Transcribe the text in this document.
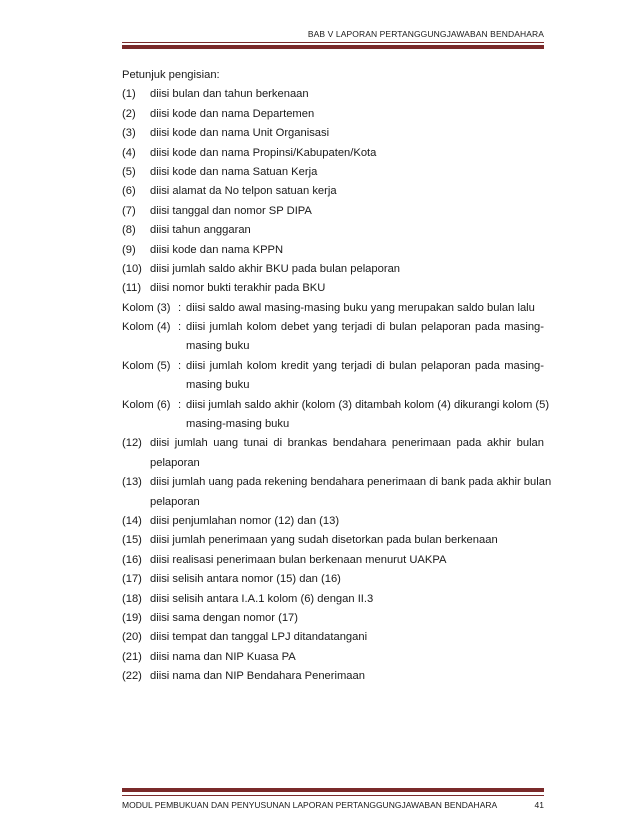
BAB V LAPORAN PERTANGGUNGJAWABAN BENDAHARA
Petunjuk pengisian:
(1) diisi bulan dan tahun berkenaan
(2) diisi kode dan nama Departemen
(3) diisi kode dan nama Unit Organisasi
(4) diisi kode dan nama Propinsi/Kabupaten/Kota
(5) diisi kode dan nama Satuan Kerja
(6) diisi alamat da No telpon satuan kerja
(7) diisi tanggal dan nomor SP DIPA
(8) diisi tahun anggaran
(9) diisi kode dan nama KPPN
(10) diisi jumlah saldo akhir BKU pada bulan pelaporan
(11) diisi nomor bukti terakhir pada BKU
Kolom (3) : diisi saldo awal masing-masing buku yang merupakan saldo bulan lalu
Kolom (4) : diisi jumlah kolom debet yang terjadi di bulan pelaporan pada masing-
masing buku
Kolom (5) : diisi jumlah kolom kredit yang terjadi di bulan pelaporan pada masing-
masing buku
Kolom (6) : diisi jumlah saldo akhir (kolom (3) ditambah kolom (4) dikurangi kolom (5)
masing-masing buku
(12) diisi jumlah uang tunai di brankas bendahara penerimaan pada akhir bulan
pelaporan
(13) diisi jumlah uang pada rekening bendahara penerimaan di bank pada akhir bulan
pelaporan
(14) diisi penjumlahan nomor (12) dan (13)
(15) diisi jumlah penerimaan yang sudah disetorkan pada bulan berkenaan
(16) diisi realisasi penerimaan bulan berkenaan menurut UAKPA
(17) diisi selisih antara nomor (15) dan (16)
(18) diisi selisih antara I.A.1 kolom (6) dengan II.3
(19) diisi sama dengan nomor (17)
(20) diisi tempat dan tanggal LPJ ditandatangani
(21) diisi nama dan NIP Kuasa PA
(22) diisi nama dan NIP Bendahara Penerimaan
MODUL PEMBUKUAN DAN PENYUSUNAN LAPORAN PERTANGGUNGJAWABAN BENDAHARA	41
